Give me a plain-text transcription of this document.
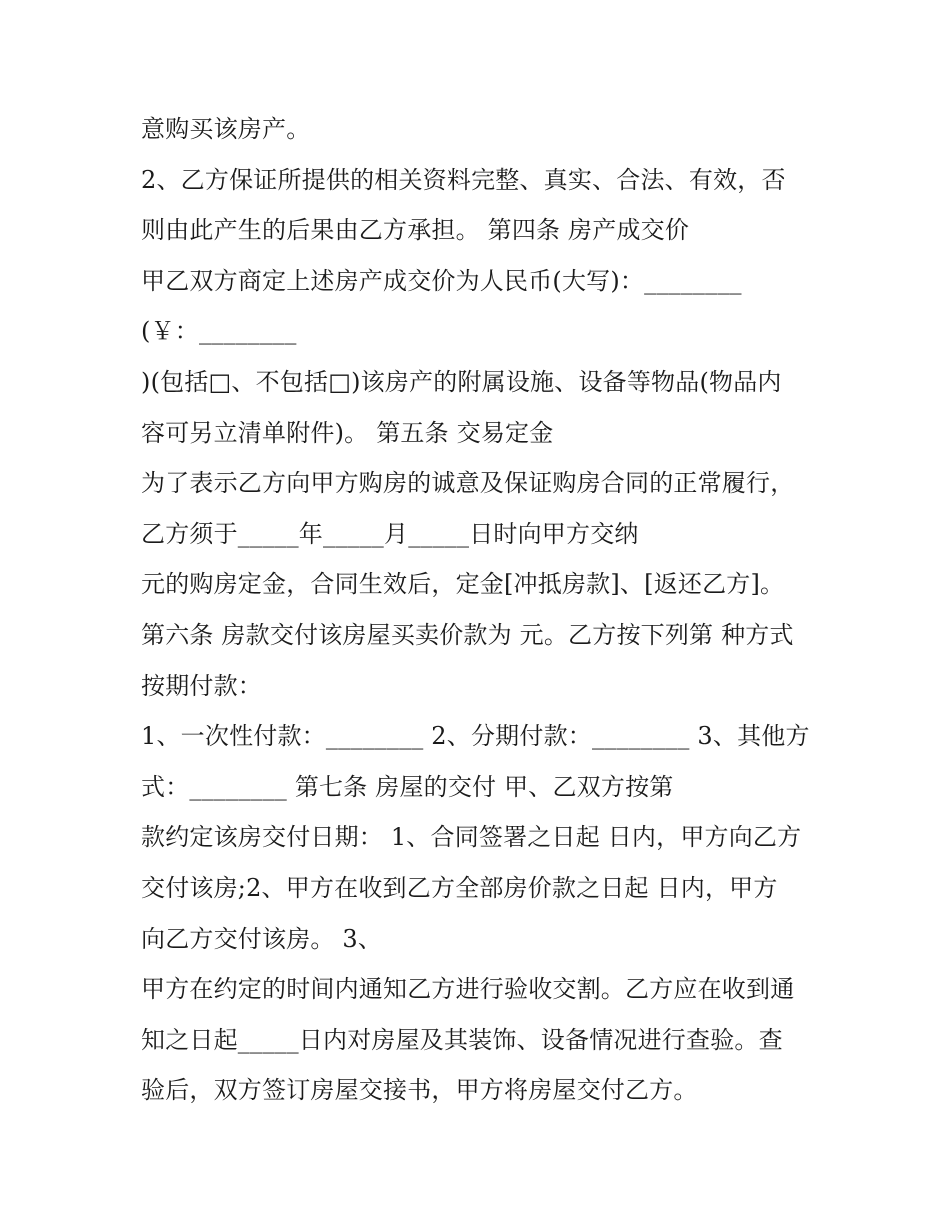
意购买该房产。
2、乙方保证所提供的相关资料完整、真实、合法、有效，否
则由此产生的后果由乙方承担。 第四条 房产成交价
甲乙双方商定上述房产成交价为人民币(大写)：________
(￥：________
)(包括□、不包括□)该房产的附属设施、设备等物品(物品内
容可另立清单附件)。 第五条 交易定金
为了表示乙方向甲方购房的诚意及保证购房合同的正常履行，
乙方须于_____年_____月_____日时向甲方交纳
元的购房定金，合同生效后，定金[冲抵房款]、[返还乙方]。
第六条 房款交付该房屋买卖价款为 元。乙方按下列第 种方式
按期付款：
1、一次性付款：________ 2、分期付款：________ 3、其他方
式：________ 第七条 房屋的交付 甲、乙双方按第
款约定该房交付日期： 1、合同签署之日起 日内，甲方向乙方
交付该房;2、甲方在收到乙方全部房价款之日起 日内，甲方
向乙方交付该房。 3、
甲方在约定的时间内通知乙方进行验收交割。乙方应在收到通
知之日起_____日内对房屋及其装饰、设备情况进行查验。查
验后，双方签订房屋交接书，甲方将房屋交付乙方。
